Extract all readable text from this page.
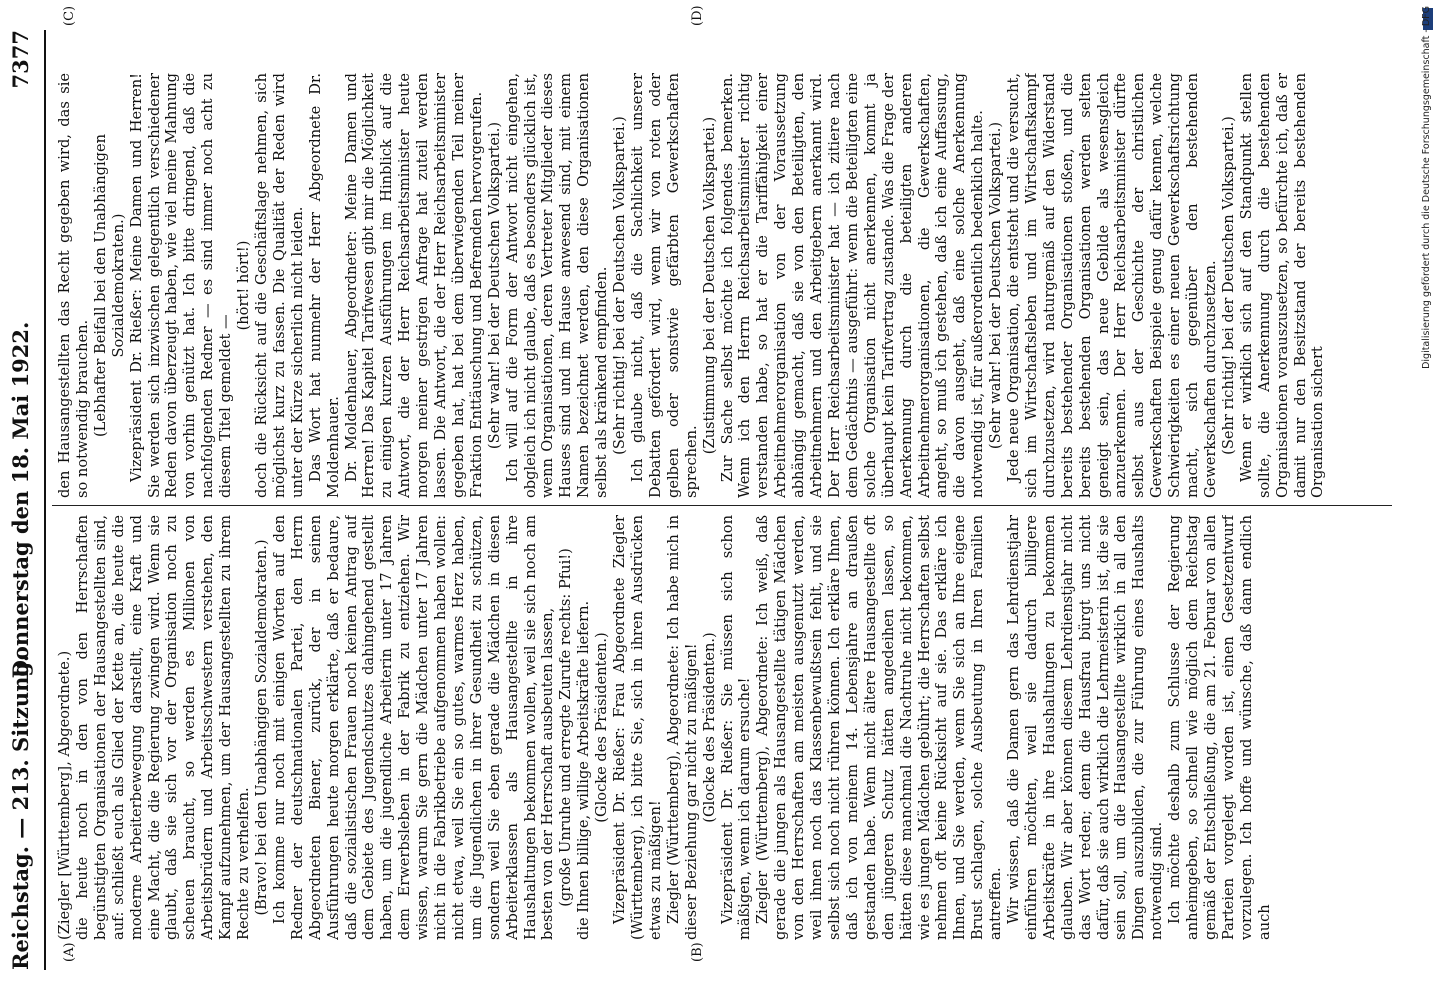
Reichstag. — 213. Sitzung.
Donnerstag den 18. Mai 1922.
7377
(A)	(B)
(C)	(D)

(Ziegler [Württemberg], Abgeordnete.) die heute noch in den von den Herrschaften begünstigten Organisationen der Hausangestellten sind, auf: schließt euch als Glied der Kette an, die heute die moderne Arbeiterbewegung darstellt, eine Kraft und eine Macht, die die Regierung zwingen wird. Wenn sie glaubt, daß sie sich vor der Organisation noch zu scheuen braucht, so werden es Millionen von Arbeitsbrüdern und Arbeitsschwestern verstehen, den Kampf aufzunehmen, um der Hausangestellten zu ihrem Rechte zu verhelfen. (Bravo! bei den Unabhängigen Sozialdemokraten.) Ich komme nur noch mit einigen Worten auf den Redner der deutschnationalen Partei, den Herrn Abgeordneten Biener, zurück, der in seinen Ausführungen heute morgen erklärte, daß er bedaure, daß die sozialistischen Frauen noch keinen Antrag auf dem Gebiete des Jugendschutzes dahingehend gestellt haben, um die jugendliche Arbeiterin unter 17 Jahren dem Erwerbsleben in der Fabrik zu entziehen. Wir wissen, warum Sie gern die Mädchen unter 17 Jahren nicht in die Fabrikbetriebe aufgenommen haben wollen: nicht etwa, weil Sie ein so gutes, warmes Herz haben, um die Jugendlichen in ihrer Gesundheit zu schützen, sondern weil Sie eben gerade die Mädchen in diesen Arbeiterklassen als Hausangestellte in ihre Haushaltungen bekommen wollen, weil sie sich noch am besten von der Herrschaft ausbeuten lassen, (große Unruhe und erregte Zurufe rechts: Pfui!) die Ihnen billige, willige Arbeitskräfte liefern. (Glocke des Präsidenten.) Vizepräsident Dr. Rießer: Frau Abgeordnete Ziegler (Württemberg), ich bitte Sie, sich in ihren Ausdrücken etwas zu mäßigen! Ziegler (Württemberg), Abgeordnete: Ich habe mich in dieser Beziehung gar nicht zu mäßigen! (Glocke des Präsidenten.) Vizepräsident Dr. Rießer: Sie müssen sich schon mäßigen, wenn ich darum ersuche! Ziegler (Württemberg), Abgeordnete: Ich weiß, daß gerade die jungen als Hausangestellte tätigen Mädchen von den Herrschaften am meisten ausgenutzt werden, weil ihnen noch das Klassenbewußtsein fehlt, und sie selbst sich noch nicht rühren können. Ich erkläre Ihnen, daß ich von meinem 14. Lebensjahre an draußen gestanden habe. Wenn nicht ältere Hausangestellte oft den jüngeren Schutz hätten angedeihen lassen, so hätten diese manchmal die Nachtruhe nicht bekommen, wie es jungen Mädchen gebührt; die Herrschaften selbst nehmen oft keine Rücksicht auf sie. Das erkläre ich Ihnen, und Sie werden, wenn Sie sich an Ihre eigene Brust schlagen, solche Ausbeutung in Ihren Familien antreffen. Wir wissen, daß die Damen gern das Lehrdienstjahr einführen möchten, weil sie dadurch billigere Arbeitskräfte in ihre Haushaltungen zu bekommen glauben. Wir aber können diesem Lehrdienstjahr nicht das Wort reden; denn die Hausfrau bürgt uns nicht dafür, daß sie auch wirklich die Lehrmeisterin ist, die sie sein soll, um die Hausangestellte wirklich in all den Dingen auszubilden, die zur Führung eines Haushalts notwendig sind. Ich möchte deshalb zum Schlusse der Regierung anheimgeben, so schnell wie möglich dem Reichstag gemäß der Entschließung, die am 21. Februar von allen Parteien vorgelegt worden ist, einen Gesetzentwurf vorzulegen. Ich hoffe und wünsche, daß dann endlich auch

den Hausangestellten das Recht gegeben wird, das sie so notwendig brauchen. (Lebhafter Beifall bei den Unabhängigen Sozialdemokraten.) Vizepräsident Dr. Rießer: Meine Damen und Herren! Sie werden sich inzwischen gelegentlich verschiedener Reden davon überzeugt haben, wie viel meine Mahnung von vorhin genützt hat. Ich bitte dringend, daß die nachfolgenden Redner — es sind immer noch acht zu diesem Titel gemeldet —

(hört! hört!) doch die Rücksicht auf die Geschäftslage nehmen, sich möglichst kurz zu fassen. Die Qualität der Reden wird unter der Kürze sicherlich nicht leiden. Das Wort hat nunmehr der Herr Abgeordnete Dr. Moldenhauer. Dr. Moldenhauer, Abgeordneter: Meine Damen und Herren! Das Kapitel Tarifwesen gibt mir die Möglichkeit zu einigen kurzen Ausführungen im Hinblick auf die Antwort, die der Herr Reichsarbeitsminister heute morgen meiner gestrigen Anfrage hat zuteil werden lassen. Die Antwort, die der Herr Reichsarbeitsminister gegeben hat, hat bei dem überwiegenden Teil meiner Fraktion Enttäuschung und Befremden hervorgerufen. (Sehr wahr! bei der Deutschen Volkspartei.) Ich will auf die Form der Antwort nicht eingehen, obgleich ich nicht glaube, daß es besonders glücklich ist, wenn Organisationen, deren Vertreter Mitglieder dieses Hauses sind und im Hause anwesend sind, mit einem Namen bezeichnet werden, den diese Organisationen selbst als kränkend empfinden. (Sehr richtig! bei der Deutschen Volkspartei.) Ich glaube nicht, daß die Sachlichkeit unserer Debatten gefördert wird, wenn wir von roten oder gelben oder sonstwie gefärbten Gewerkschaften sprechen.

(Zustimmung bei der Deutschen Volkspartei.) Zur Sache selbst möchte ich folgendes bemerken. Wenn ich den Herrn Reichsarbeitsminister richtig verstanden habe, so hat er die Tariffähigkeit einer Arbeitnehmerorganisation von der Voraussetzung abhängig gemacht, daß sie von den Beteiligten, den Arbeitnehmern und den Arbeitgebern anerkannt wird. Der Herr Reichsarbeitsminister hat — ich zitiere nach dem Gedächtnis — ausgeführt: wenn die Beteiligten eine solche Organisation nicht anerkennen, kommt ja überhaupt kein Tarifvertrag zustande. Was die Frage der Anerkennung durch die beteiligten anderen Arbeitnehmerorganisationen, die Gewerkschaften, angeht, so muß ich gestehen, daß ich eine Auffassung, die davon ausgeht, daß eine solche Anerkennung notwendig ist, für außerordentlich bedenklich halte. (Sehr wahr! bei der Deutschen Volkspartei.) Jede neue Organisation, die entsteht und die versucht, sich im Wirtschaftsleben und im Wirtschaftskampf durchzusetzen, wird naturgemäß auf den Widerstand bereits bestehender Organisationen stoßen, und die bereits bestehenden Organisationen werden selten geneigt sein, das neue Gebilde als wesensgleich anzuerkennen. Der Herr Reichsarbeitsminister dürfte selbst aus der Geschichte der christlichen Gewerkschaften Beispiele genug dafür kennen, welche Schwierigkeiten es einer neuen Gewerkschaftsrichtung macht, sich gegenüber den bestehenden Gewerkschaften durchzusetzen. (Sehr richtig! bei der Deutschen Volkspartei.) Wenn er wirklich sich auf den Standpunkt stellen sollte, die Anerkennung durch die bestehenden Organisationen vorauszusetzen, so befürchte ich, daß er damit nur den Besitzstand der bereits bestehenden Organisation sichert

Digitalisierung gefördert durch die Deutsche Forschungsgemeinschaft - DFG
